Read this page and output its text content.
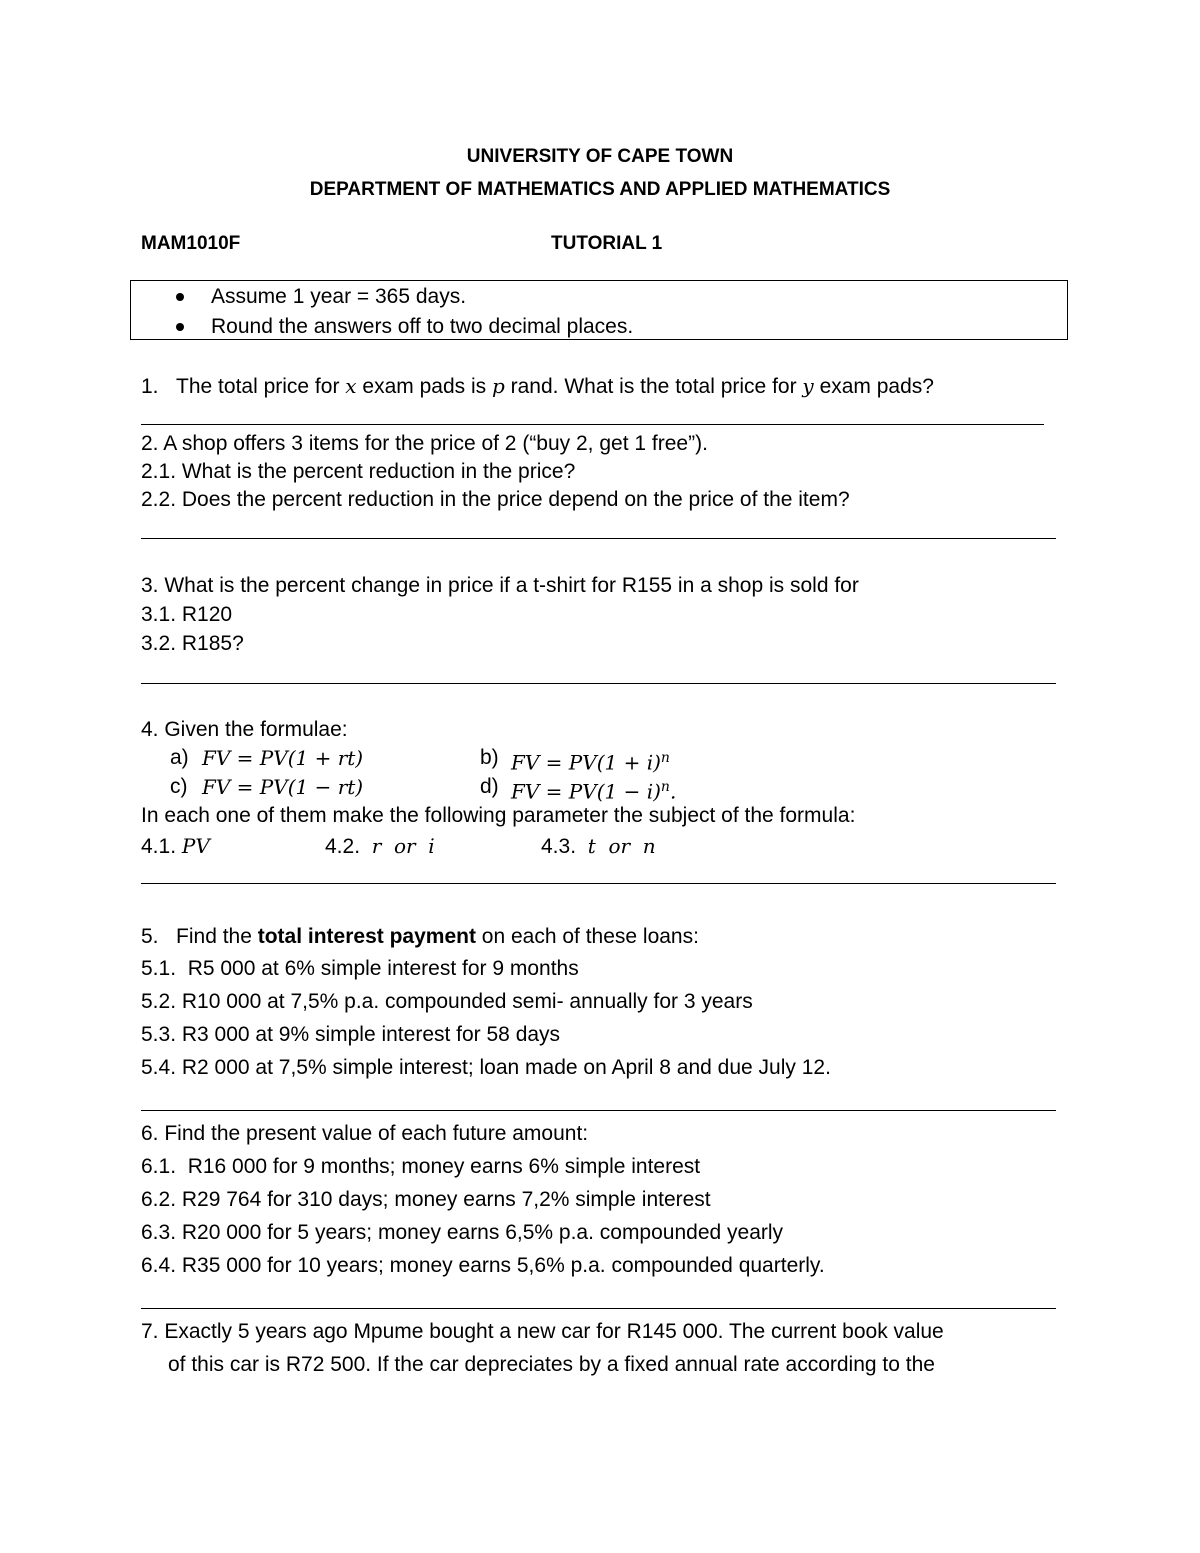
UNIVERSITY OF CAPE TOWN
DEPARTMENT OF MATHEMATICS AND APPLIED MATHEMATICS
MAM1010F	TUTORIAL 1
Assume 1 year = 365 days.
Round the answers off to two decimal places.
1. The total price for x exam pads is p rand. What is the total price for y exam pads?
2. A shop offers 3 items for the price of 2 (“buy 2, get 1 free”).
2.1. What is the percent reduction in the price?
2.2. Does the percent reduction in the price depend on the price of the item?
3. What is the percent change in price if a t-shirt for R155 in a shop is sold for
3.1. R120
3.2. R185?
4. Given the formulae:
a) FV = PV(1 + rt)	b) FV = $PV(1 + i)^n$
c) FV = PV(1 − rt)	d) FV = $PV(1 - i)^n$.
In each one of them make the following parameter the subject of the formula:
4.1. PV	4.2. r  or  i	4.3. t  or  n
5.   Find the total interest payment on each of these loans:
5.1.  R5 000 at 6% simple interest for 9 months
5.2. R10 000 at 7,5% p.a. compounded semi- annually for 3 years
5.3. R3 000 at 9% simple interest for 58 days
5.4. R2 000 at 7,5% simple interest; loan made on April 8 and due July 12.
6. Find the present value of each future amount:
6.1.  R16 000 for 9 months; money earns 6% simple interest
6.2. R29 764 for 310 days; money earns 7,2% simple interest
6.3. R20 000 for 5 years; money earns 6,5% p.a. compounded yearly
6.4. R35 000 for 10 years; money earns 5,6% p.a. compounded quarterly.
7. Exactly 5 years ago Mpume bought a new car for R145 000. The current book value
of this car is R72 500. If the car depreciates by a fixed annual rate according to the
